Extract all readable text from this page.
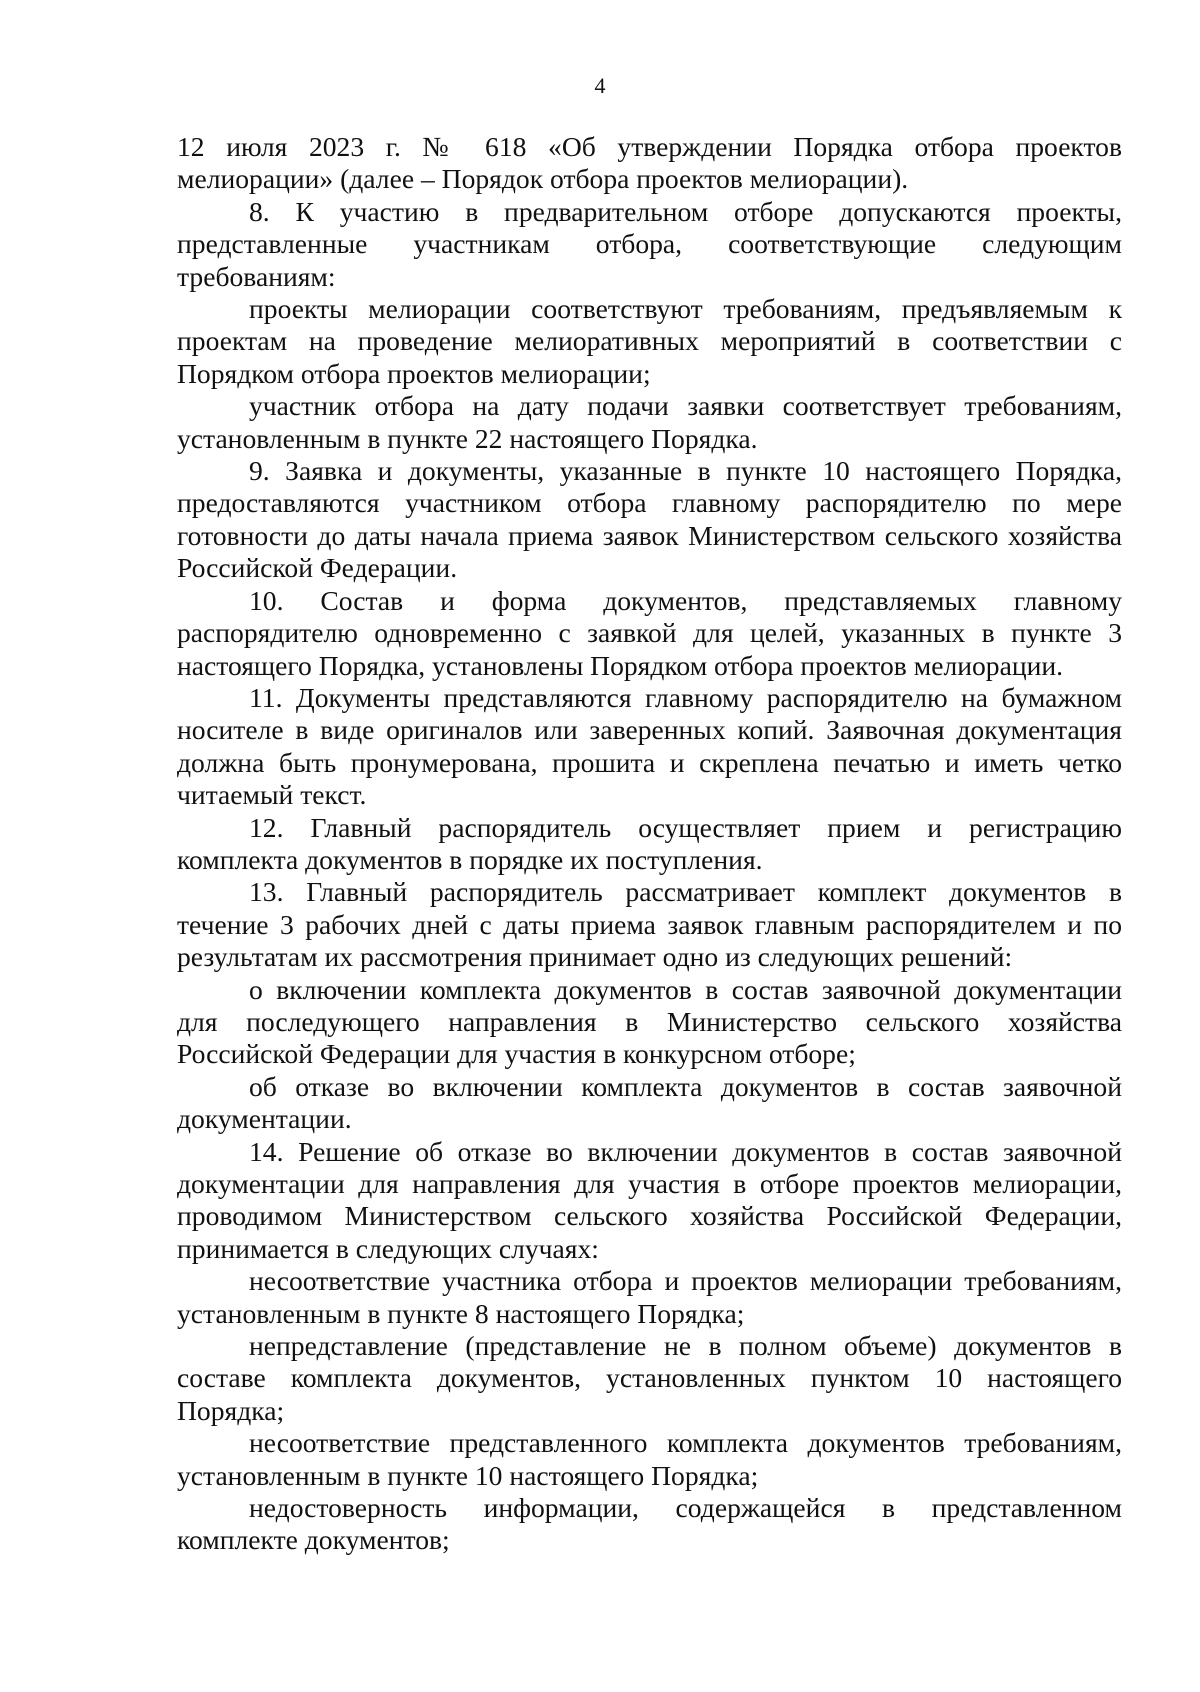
4

12 июля 2023 г. № 618 «Об утверждении Порядка отбора проектов мелиорации» (далее – Порядок отбора проектов мелиорации).

8. К участию в предварительном отборе допускаются проекты, представленные участникам отбора, соответствующие следующим требованиям:

проекты мелиорации соответствуют требованиям, предъявляемым к проектам на проведение мелиоративных мероприятий в соответствии с Порядком отбора проектов мелиорации;

участник отбора на дату подачи заявки соответствует требованиям, установленным в пункте 22 настоящего Порядка.

9. Заявка и документы, указанные в пункте 10 настоящего Порядка, предоставляются участником отбора главному распорядителю по мере готовности до даты начала приема заявок Министерством сельского хозяйства Российской Федерации.

10. Состав и форма документов, представляемых главному распорядителю одновременно с заявкой для целей, указанных в пункте 3 настоящего Порядка, установлены Порядком отбора проектов мелиорации.

11. Документы представляются главному распорядителю на бумажном носителе в виде оригиналов или заверенных копий. Заявочная документация должна быть пронумерована, прошита и скреплена печатью и иметь четко читаемый текст.

12. Главный распорядитель осуществляет прием и регистрацию комплекта документов в порядке их поступления.

13. Главный распорядитель рассматривает комплект документов в течение 3 рабочих дней с даты приема заявок главным распорядителем и по результатам их рассмотрения принимает одно из следующих решений:

о включении комплекта документов в состав заявочной документации для последующего направления в Министерство сельского хозяйства Российской Федерации для участия в конкурсном отборе;

об отказе во включении комплекта документов в состав заявочной документации.

14. Решение об отказе во включении документов в состав заявочной документации для направления для участия в отборе проектов мелиорации, проводимом Министерством сельского хозяйства Российской Федерации, принимается в следующих случаях:

несоответствие участника отбора и проектов мелиорации требованиям, установленным в пункте 8 настоящего Порядка;

непредставление (представление не в полном объеме) документов в составе комплекта документов, установленных пунктом 10 настоящего Порядка;

несоответствие представленного комплекта документов требованиям, установленным в пункте 10 настоящего Порядка;

недостоверность информации, содержащейся в представленном комплекте документов;
